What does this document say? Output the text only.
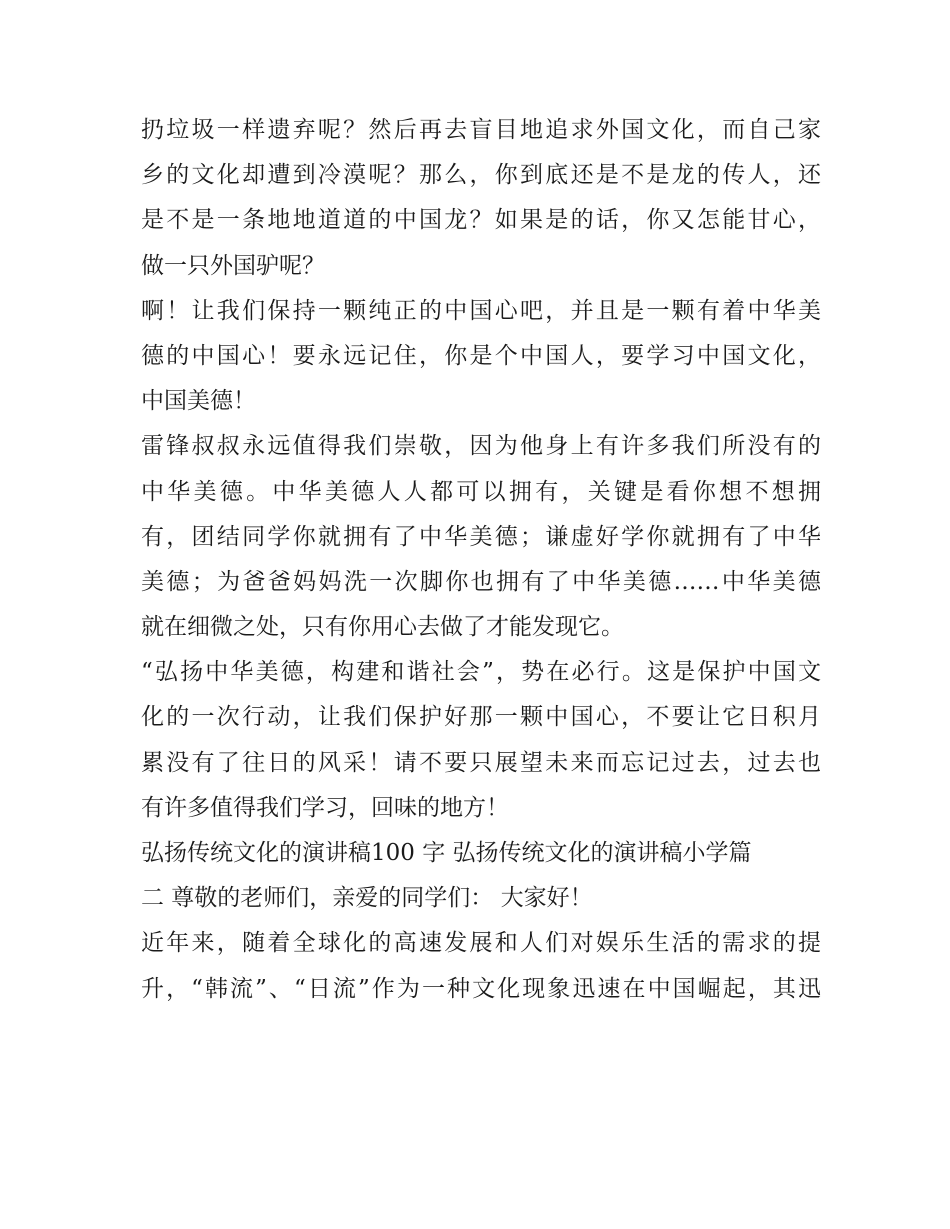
扔垃圾一样遗弃呢？然后再去盲目地追求外国文化，而自己家
乡的文化却遭到冷漠呢？那么，你到底还是不是龙的传人，还
是不是一条地地道道的中国龙？如果是的话，你又怎能甘心，
做一只外国驴呢？
啊！让我们保持一颗纯正的中国心吧，并且是一颗有着中华美
德的中国心！要永远记住，你是个中国人，要学习中国文化，
中国美德！
雷锋叔叔永远值得我们崇敬，因为他身上有许多我们所没有的
中华美德。中华美德人人都可以拥有，关键是看你想不想拥
有，团结同学你就拥有了中华美德；谦虚好学你就拥有了中华
美德；为爸爸妈妈洗一次脚你也拥有了中华美德……中华美德
就在细微之处，只有你用心去做了才能发现它。
“弘扬中华美德，构建和谐社会”，势在必行。这是保护中国文
化的一次行动，让我们保护好那一颗中国心，不要让它日积月
累没有了往日的风采！请不要只展望未来而忘记过去，过去也
有许多值得我们学习，回味的地方！
弘扬传统文化的演讲稿100 字 弘扬传统文化的演讲稿小学篇
二 尊敬的老师们，亲爱的同学们： 大家好！
近年来，随着全球化的高速发展和人们对娱乐生活的需求的提
升，“韩流”、“日流”作为一种文化现象迅速在中国崛起，其迅
